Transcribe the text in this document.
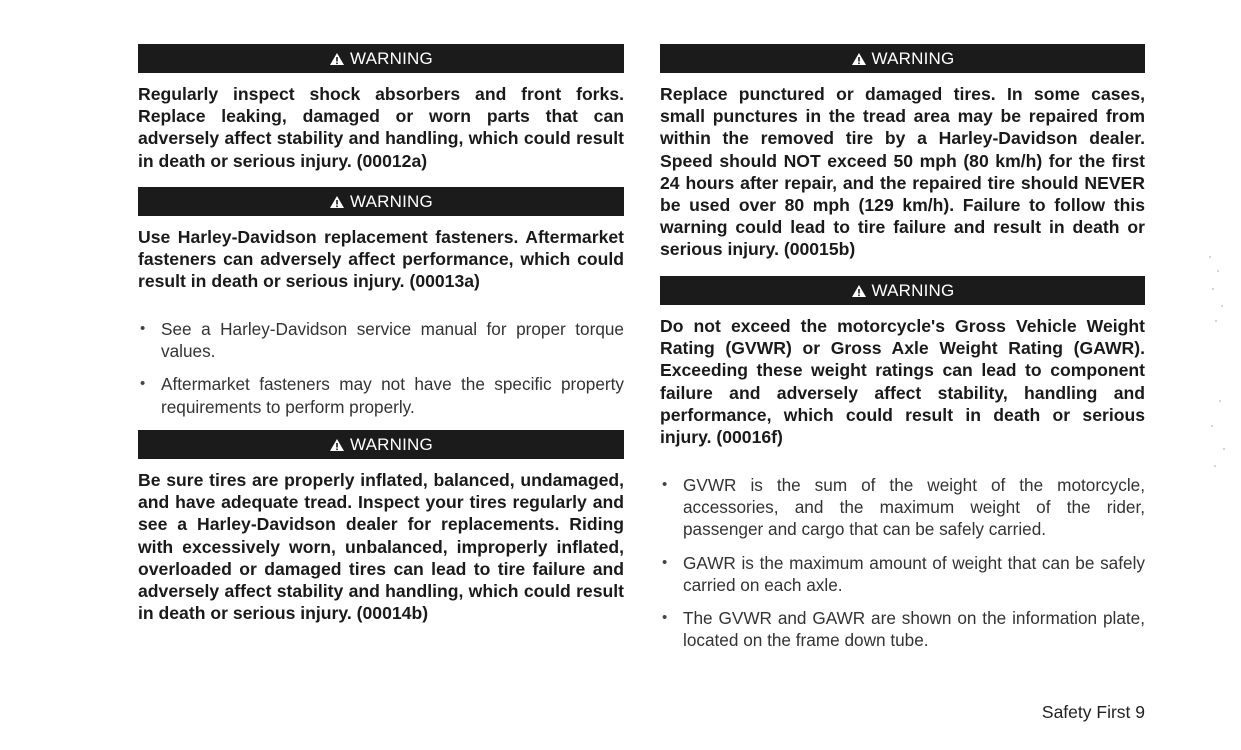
WARNING

Regularly inspect shock absorbers and front forks. Replace leaking, damaged or worn parts that can adversely affect stability and handling, which could result in death or serious injury. (00012a)

WARNING

Use Harley-Davidson replacement fasteners. Aftermarket fasteners can adversely affect performance, which could result in death or serious injury. (00013a)

• See a Harley-Davidson service manual for proper torque values.
• Aftermarket fasteners may not have the specific property requirements to perform properly.
WARNING

Be sure tires are properly inflated, balanced, undamaged, and have adequate tread. Inspect your tires regularly and see a Harley-Davidson dealer for replacements. Riding with excessively worn, unbalanced, improperly inflated, overloaded or damaged tires can lead to tire failure and adversely affect stability and handling, which could result in death or serious injury. (00014b)

WARNING

Replace punctured or damaged tires. In some cases, small punctures in the tread area may be repaired from within the removed tire by a Harley-Davidson dealer. Speed should NOT exceed 50 mph (80 km/h) for the first 24 hours after repair, and the repaired tire should NEVER be used over 80 mph (129 km/h). Failure to follow this warning could lead to tire failure and result in death or serious injury. (00015b)

WARNING

Do not exceed the motorcycle's Gross Vehicle Weight Rating (GVWR) or Gross Axle Weight Rating (GAWR). Exceeding these weight ratings can lead to component failure and adversely affect stability, handling and performance, which could result in death or serious injury. (00016f)

• GVWR is the sum of the weight of the motorcycle, accessories, and the maximum weight of the rider, passenger and cargo that can be safely carried.
• GAWR is the maximum amount of weight that can be safely carried on each axle.
• The GVWR and GAWR are shown on the information plate, located on the frame down tube.
Safety First 9
